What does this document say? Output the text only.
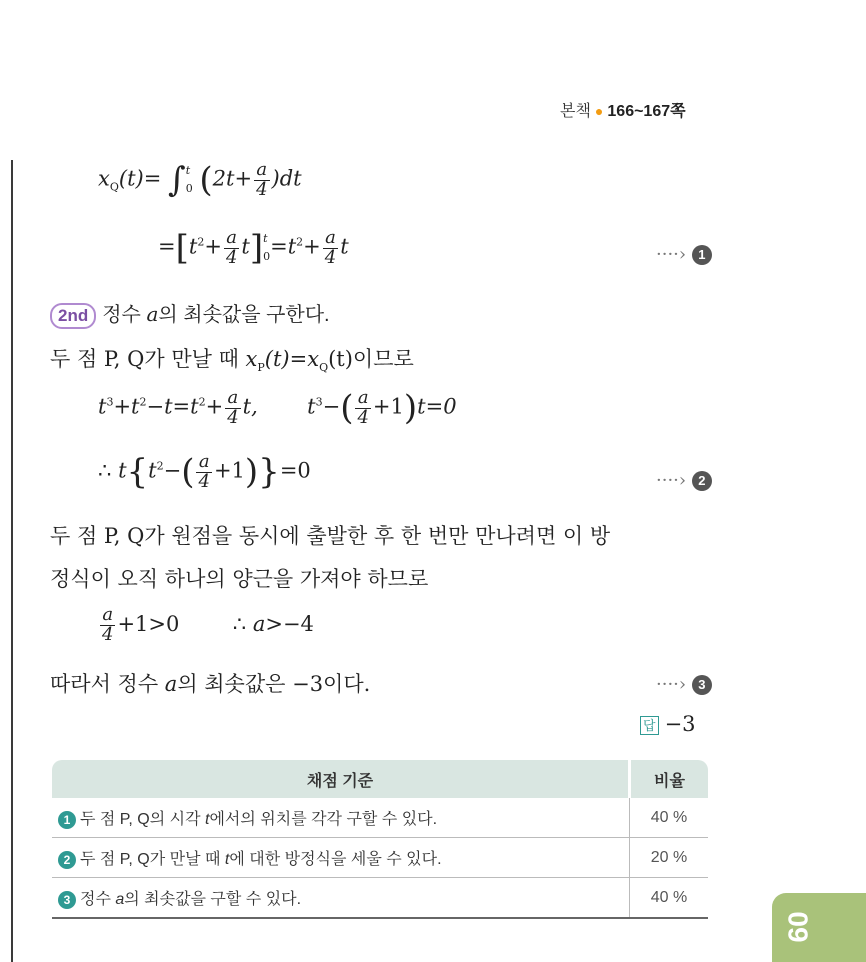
본책 ● 166~167쪽
$x_Q(t)=$ ∫ t
0 $(2t+ \frac{a}{4} )dt$
$=[t^2+ \frac{a}{4} t]$ t
$0 =t^2+ \frac{a}{4}$ t	····› 1
2nd 정수 a의 최솟값을 구한다.
두 점 P, Q가 만날 때 $x_P(t)=x_Q(t)$이므로
$t^3+t^2-t=t^2+ \frac{a}{4} t$, $t^3-( \frac{a}{4} +1)t=0$
∴ $t\{t^2-( \frac{a}{4} +1)\}=0$	····› 2
두 점 P, Q가 원점을 동시에 출발한 후 한 번만 만나려면 이 방
정식이 오직 하나의 양근을 가져야 하므로
$\frac{a}{4} +1>0$	∴ a>−4
따라서 정수 a의 최솟값은 −3이다.	····› 3
답 −3
채점 기준	비율
1 두 점 P, Q의 시각 t에서의 위치를 각각 구할 수 있다.	40 %
2 두 점 P, Q가 만날 때 t에 대한 방정식을 세울 수 있다.	20 %
3 정수 a의 최솟값을 구할 수 있다.	40 %
09
